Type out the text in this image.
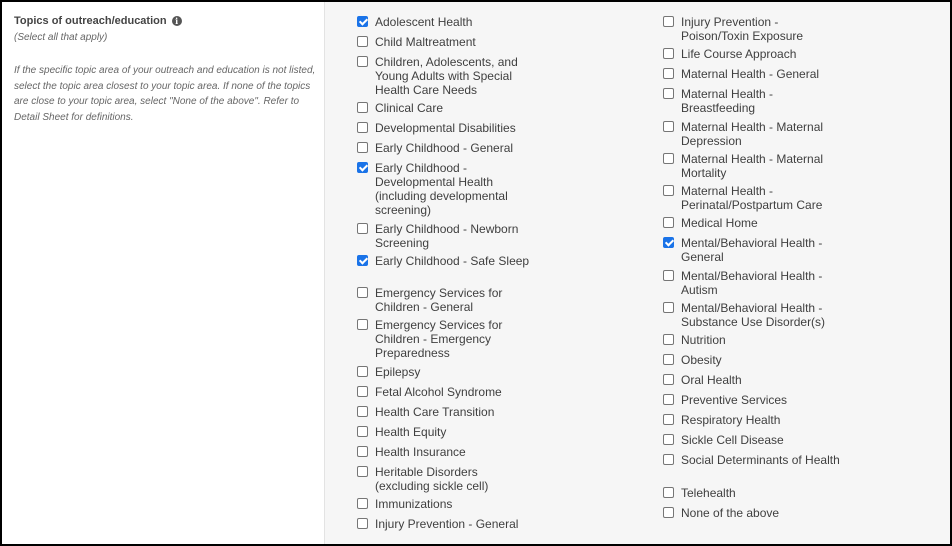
Topics of outreach/education i
(Select all that apply)
If the specific topic area of your outreach and education is not listed, select the topic area closest to your topic area. If none of the topics are close to your topic area, select "None of the above". Refer to Detail Sheet for definitions.
Adolescent Health
Child Maltreatment
Children, Adolescents, and Young Adults with Special Health Care Needs
Clinical Care
Developmental Disabilities
Early Childhood - General
Early Childhood - Developmental Health (including developmental screening)
Early Childhood - Newborn Screening
Early Childhood - Safe Sleep
Emergency Services for Children - General
Emergency Services for Children - Emergency Preparedness
Epilepsy
Fetal Alcohol Syndrome
Health Care Transition
Health Equity
Health Insurance
Heritable Disorders (excluding sickle cell)
Immunizations
Injury Prevention - General
Injury Prevention - Poison/Toxin Exposure
Life Course Approach
Maternal Health - General
Maternal Health - Breastfeeding
Maternal Health - Maternal Depression
Maternal Health - Maternal Mortality
Maternal Health - Perinatal/Postpartum Care
Medical Home
Mental/Behavioral Health - General
Mental/Behavioral Health - Autism
Mental/Behavioral Health - Substance Use Disorder(s)
Nutrition
Obesity
Oral Health
Preventive Services
Respiratory Health
Sickle Cell Disease
Social Determinants of Health
Telehealth
None of the above
